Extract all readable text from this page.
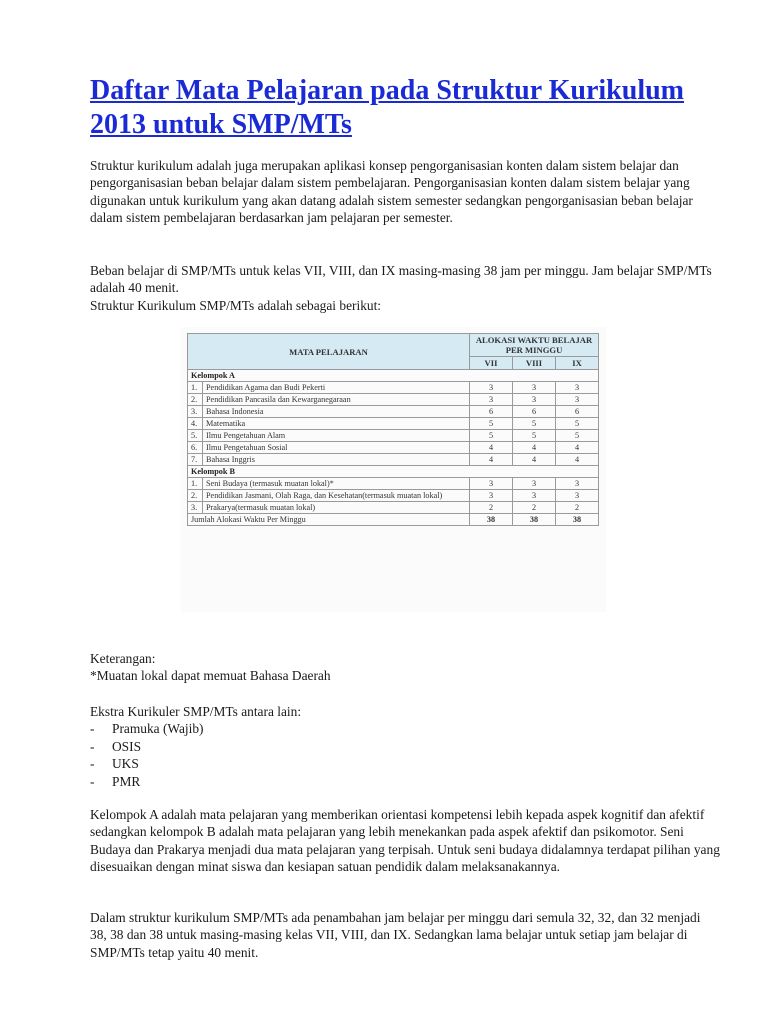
Daftar Mata Pelajaran pada Struktur Kurikulum 2013 untuk SMP/MTs

Struktur kurikulum adalah juga merupakan aplikasi konsep pengorganisasian konten dalam sistem belajar dan pengorganisasian beban belajar dalam sistem pembelajaran. Pengorganisasian konten dalam sistem belajar yang digunakan untuk kurikulum yang akan datang adalah sistem semester sedangkan pengorganisasian beban belajar dalam sistem pembelajaran berdasarkan jam pelajaran per semester.

Beban belajar di SMP/MTs untuk kelas VII, VIII, dan IX masing-masing 38 jam per minggu. Jam belajar SMP/MTs adalah 40 menit.

Struktur Kurikulum SMP/MTs adalah sebagai berikut:

MATA PELAJARAN		ALOKASI WAKTU BELAJAR PER MINGGU		
		VII	VIII	IX
Kelompok A				
1.	Pendidikan Agama dan Budi Pekerti	3	3	3
2.	Pendidikan Pancasila dan Kewarganegaraan	3	3	3
3.	Bahasa Indonesia	6	6	6
4.	Matematika	5	5	5
5.	Ilmu Pengetahuan Alam	5	5	5
6.	Ilmu Pengetahuan Sosial	4	4	4
7.	Bahasa Inggris	4	4	4
Kelompok B				
1.	Seni Budaya (termasuk muatan lokal)*	3	3	3
2.	Pendidikan Jasmani, Olah Raga, dan Kesehatan(termasuk muatan lokal)	3	3	3
3.	Prakarya(termasuk muatan lokal)	2	2	2
Jumlah Alokasi Waktu Per Minggu		38	38	38
Keterangan:
*Muatan lokal dapat memuat Bahasa Daerah
Ekstra Kurikuler SMP/MTs antara lain:
-	Pramuka (Wajib)
-	OSIS
-	UKS
-	PMR

Kelompok A adalah mata pelajaran yang memberikan orientasi kompetensi lebih kepada aspek kognitif dan afektif sedangkan kelompok B adalah mata pelajaran yang lebih menekankan pada aspek afektif dan psikomotor. Seni Budaya dan Prakarya menjadi dua mata pelajaran yang terpisah. Untuk seni budaya didalamnya terdapat pilihan yang disesuaikan dengan minat siswa dan kesiapan satuan pendidik dalam melaksanakannya.

Dalam struktur kurikulum SMP/MTs ada penambahan jam belajar per minggu dari semula 32, 32, dan 32 menjadi 38, 38 dan 38 untuk masing-masing kelas VII, VIII, dan IX. Sedangkan lama belajar untuk setiap jam belajar di SMP/MTs tetap yaitu 40 menit.
